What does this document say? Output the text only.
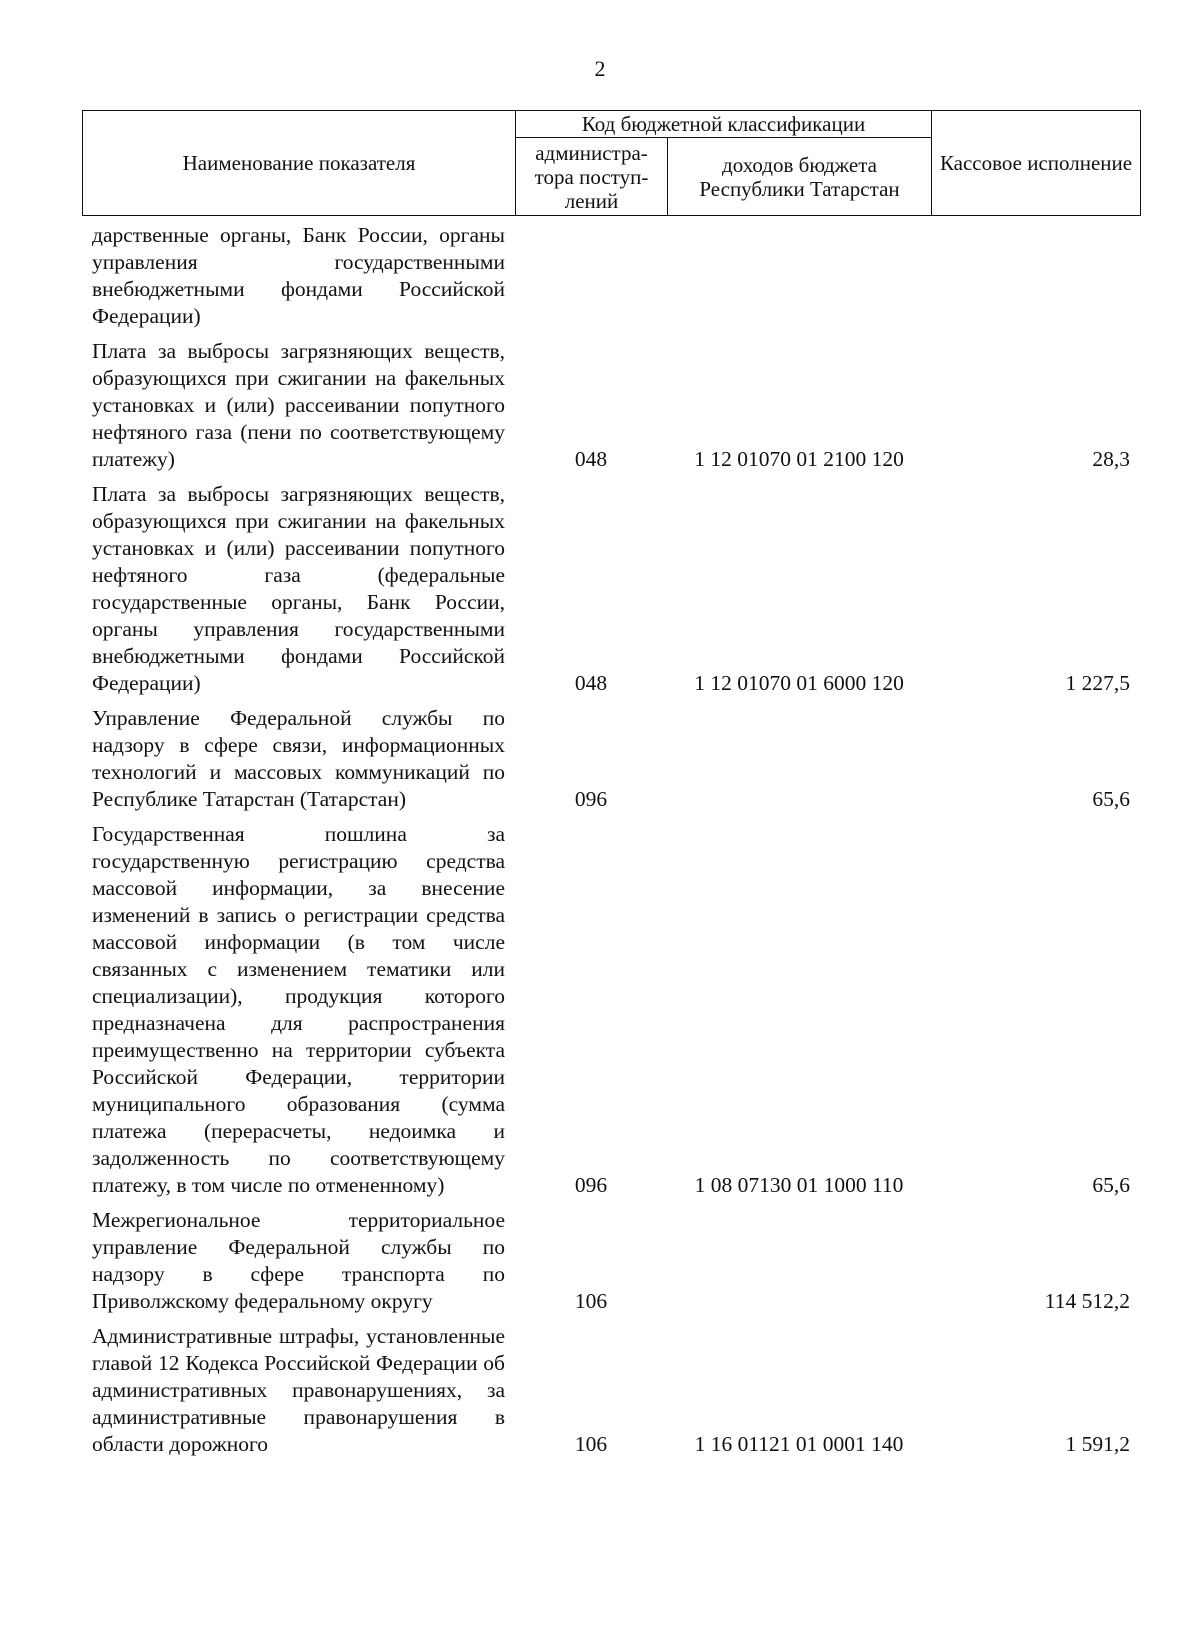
2
Наименование показателя	Код бюджетной классификации		Кассовое исполнение
	администра-тора поступ-лений	доходов бюджета Республики Татарстан	
дарственные органы, Банк России, органы управления государственными внебюджетными фондами Российской Федерации)			
Плата за выбросы загрязняющих веществ, образующихся при сжигании на факельных установках и (или) рассеивании попутного нефтяного газа (пени по соответствующему платежу)	048	1 12 01070 01 2100 120	28,3
Плата за выбросы загрязняющих веществ, образующихся при сжигании на факельных установках и (или) рассеивании попутного нефтяного газа (федеральные государственные органы, Банк России, органы управления государственными внебюджетными фондами Российской Федерации)	048	1 12 01070 01 6000 120	1 227,5
Управление Федеральной службы по надзору в сфере связи, информационных технологий и массовых коммуникаций по Республике Татарстан (Татарстан)	096		65,6
Государственная пошлина за государственную регистрацию средства массовой информации, за внесение изменений в запись о регистрации средства массовой информации (в том числе связанных с изменением тематики или специализации), продукция которого предназначена для распространения преимущественно на территории субъекта Российской Федерации, территории муниципального образования (сумма платежа (перерасчеты, недоимка и задолженность по соответствующему платежу, в том числе по отмененному)	096	1 08 07130 01 1000 110	65,6
Межрегиональное территориальное управление Федеральной службы по надзору в сфере транспорта по Приволжскому федеральному округу	106		114 512,2
Административные штрафы, установленные главой 12 Кодекса Российской Федерации об административных правонарушениях, за административные правонарушения в области дорожного	106	1 16 01121 01 0001 140	1 591,2
